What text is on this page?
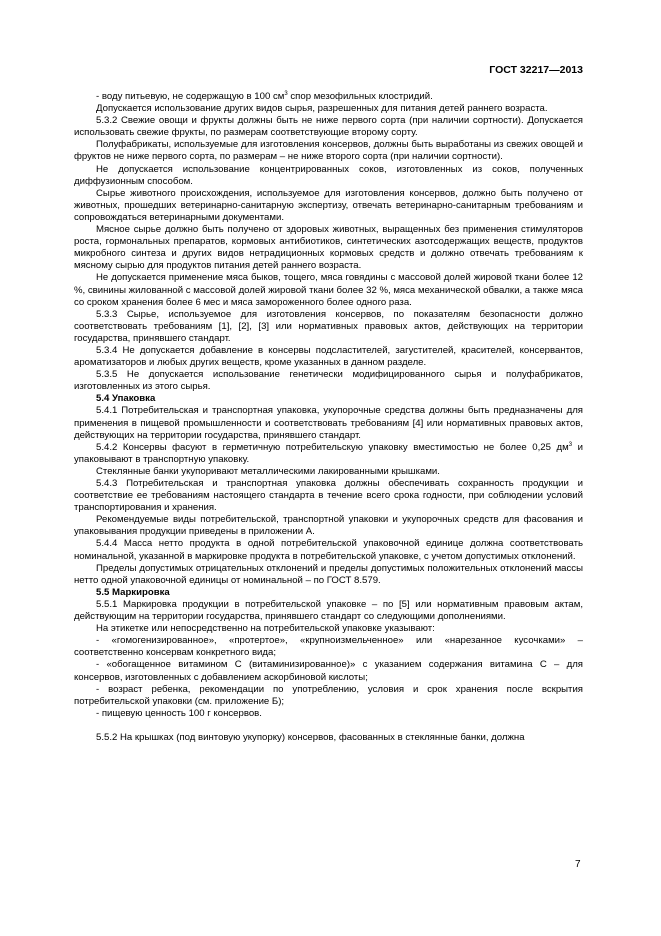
ГОСТ 32217—2013

- воду питьевую, не содержащую в 100 $см^3$ спор мезофильных клостридий.

Допускается использование других видов сырья, разрешенных для питания детей раннего возраста.

5.3.2 Свежие овощи и фрукты должны быть не ниже первого сорта (при наличии сортности). Допускается использовать свежие фрукты, по размерам соответствующие второму сорту.

Полуфабрикаты, используемые для изготовления консервов, должны быть выработаны из свежих овощей и фруктов не ниже первого сорта, по размерам – не ниже второго сорта (при наличии сортности).

Не допускается использование концентрированных соков, изготовленных из соков, полученных диффузионным способом.

Сырье животного происхождения, используемое для изготовления консервов, должно быть получено от животных, прошедших ветеринарно-санитарную экспертизу, отвечать ветеринарно-санитарным требованиям и сопровождаться ветеринарными документами.

Мясное сырье должно быть получено от здоровых животных, выращенных без применения стимуляторов роста, гормональных препаратов, кормовых антибиотиков, синтетических азотсодержащих веществ, продуктов микробного синтеза и других видов нетрадиционных кормовых средств и должно отвечать требованиям к мясному сырью для продуктов питания детей раннего возраста.

Не допускается применение мяса быков, тощего, мяса говядины с массовой долей жировой ткани более 12 %, свинины жилованной с массовой долей жировой ткани более 32 %, мяса механической обвалки, а также мяса со сроком хранения более 6 мес и мяса замороженного более одного раза.

5.3.3 Сырье, используемое для изготовления консервов, по показателям безопасности должно соответствовать требованиям [1], [2], [3] или нормативных правовых актов, действующих на территории государства, принявшего стандарт.

5.3.4 Не допускается добавление в консервы подсластителей, загустителей, красителей, консервантов, ароматизаторов и любых других веществ, кроме указанных в данном разделе.

5.3.5 Не допускается использование генетически модифицированного сырья и полуфабрикатов, изготовленных из этого сырья.

5.4 Упаковка

5.4.1 Потребительская и транспортная упаковка, укупорочные средства должны быть предназначены для применения в пищевой промышленности и соответствовать требованиям [4] или нормативных правовых актов, действующих на территории государства, принявшего стандарт.

5.4.2 Консервы фасуют в герметичную потребительскую упаковку вместимостью не более 0,25 $дм^3$ и упаковывают в транспортную упаковку.

Стеклянные банки укупоривают металлическими лакированными крышками.

5.4.3 Потребительская и транспортная упаковка должны обеспечивать сохранность продукции и соответствие ее требованиям настоящего стандарта в течение всего срока годности, при соблюдении условий транспортирования и хранения.

Рекомендуемые виды потребительской, транспортной упаковки и укупорочных средств для фасования и упаковывания продукции приведены в приложении А.

5.4.4 Масса нетто продукта в одной потребительской упаковочной единице должна соответствовать номинальной, указанной в маркировке продукта в потребительской упаковке, с учетом допустимых отклонений.

Пределы допустимых отрицательных отклонений и пределы допустимых положительных отклонений массы нетто одной упаковочной единицы от номинальной – по ГОСТ 8.579.

5.5 Маркировка

5.5.1 Маркировка продукции в потребительской упаковке – по [5] или нормативным правовым актам, действующим на территории государства, принявшего стандарт со следующими дополнениями.

На этикетке или непосредственно на потребительской упаковке указывают:

- «гомогенизированное», «протертое», «крупноизмельченное» или «нарезанное кусочками» – соответственно консервам конкретного вида;

- «обогащенное витамином С (витаминизированное)» с указанием содержания витамина С – для консервов, изготовленных с добавлением аскорбиновой кислоты;

- возраст ребенка, рекомендации по употреблению, условия и срок хранения после вскрытия потребительской упаковки (см. приложение Б);

- пищевую ценность 100 г консервов.

5.5.2 На крышках (под винтовую укупорку) консервов, фасованных в стеклянные банки, должна

7
